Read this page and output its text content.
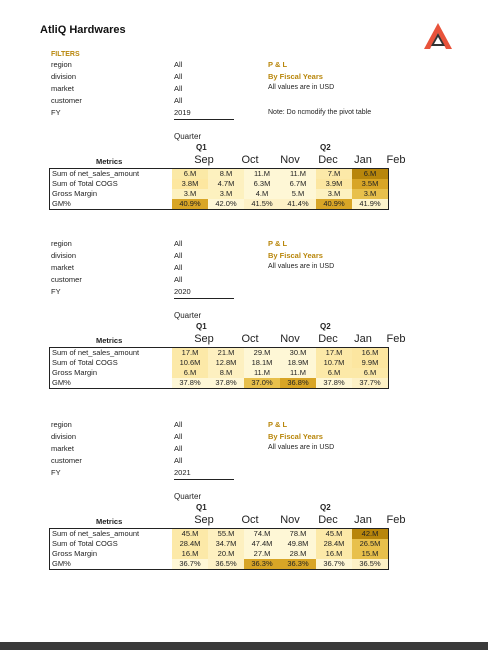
AtliQ Hardwares
FILTERS
region	All
division	All
market	All
customer	All
FY	2019
P & L
By Fiscal Years
All values are in USD
Note: Do ncmodify the pivot table
Quarter
Q1	Q2
Sep	Oct	Nov	Dec	Jan	Feb
Metrics
Sum of net_sales_amount	6.M	8.M	11.M	11.M	7.M	6.M
Sum of Total COGS	3.8M	4.7M	6.3M	6.7M	3.9M	3.5M
Gross Margin	3.M	3.M	4.M	5.M	3.M	3.M
GM%	40.9%	42.0%	41.5%	41.4%	40.9%	41.9%
region	All
division	All
market	All
customer	All
FY	2020
P & L
By Fiscal Years
All values are in USD
Quarter
Q1	Q2
Sep	Oct	Nov	Dec	Jan	Feb
Metrics
Sum of net_sales_amount	17.M	21.M	29.M	30.M	17.M	16.M
Sum of Total COGS	10.6M	12.8M	18.1M	18.9M	10.7M	9.9M
Gross Margin	6.M	8.M	11.M	11.M	6.M	6.M
GM%	37.8%	37.8%	37.0%	36.8%	37.8%	37.7%
region	All
division	All
market	All
customer	All
FY	2021
P & L
By Fiscal Years
All values are in USD
Quarter
Q1	Q2
Sep	Oct	Nov	Dec	Jan	Feb
Metrics
Sum of net_sales_amount	45.M	55.M	74.M	78.M	45.M	42.M
Sum of Total COGS	28.4M	34.7M	47.4M	49.8M	28.4M	26.5M
Gross Margin	16.M	20.M	27.M	28.M	16.M	15.M
GM%	36.7%	36.5%	36.3%	36.3%	36.7%	36.5%
